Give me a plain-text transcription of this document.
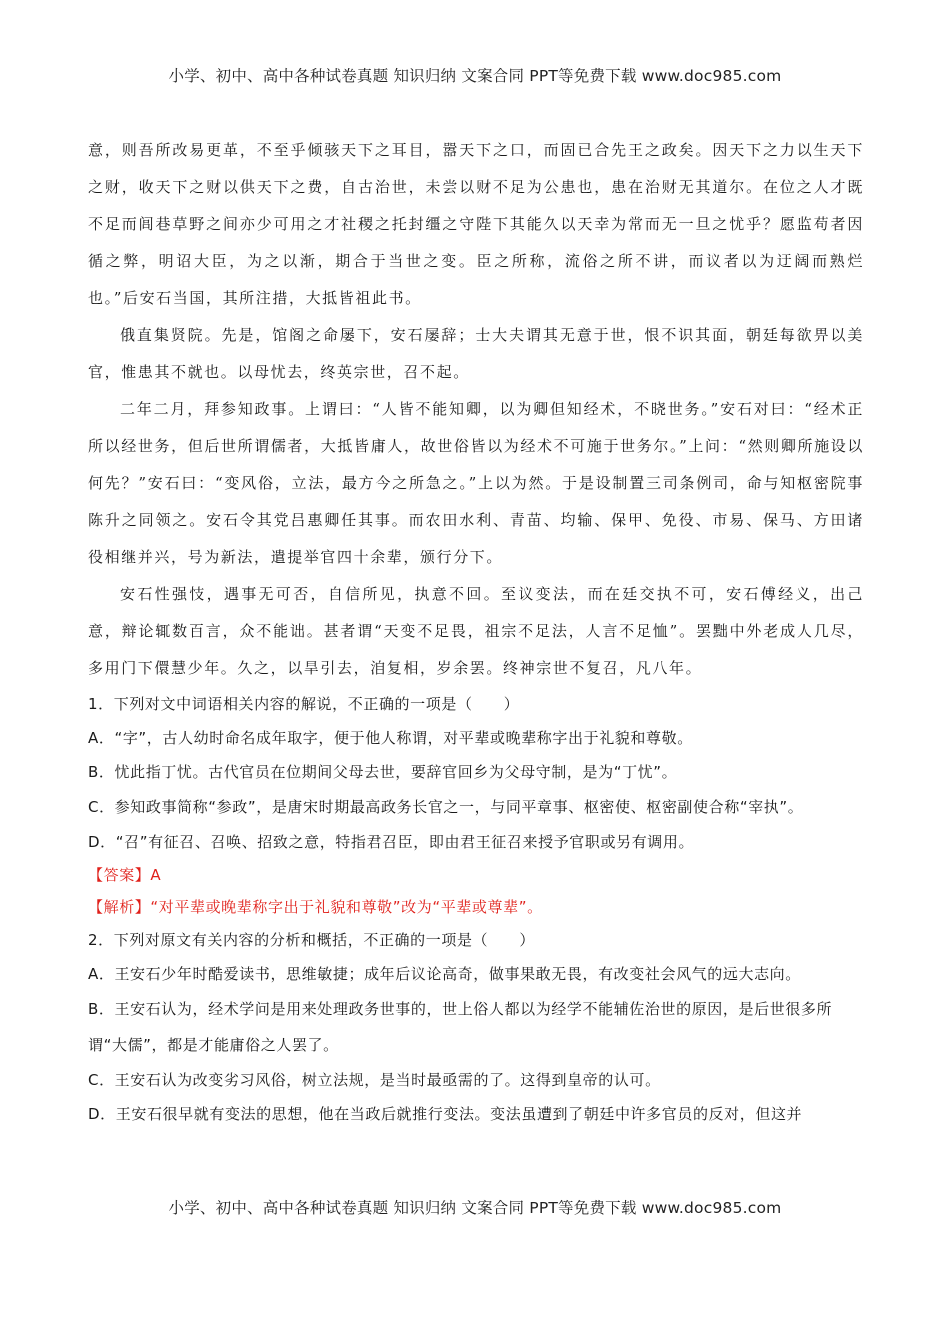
小学、初中、高中各种试卷真题 知识归纳 文案合同 PPT等免费下载 www.doc985.com

意，则吾所改易更革，不至乎倾骇天下之耳目，嚣天下之口，而固已合先王之政矣。因天下之力以生天下之财，收天下之财以供天下之费，自古治世，未尝以财不足为公患也，患在治财无其道尔。在位之人才既不足而闾巷草野之间亦少可用之才社稷之托封缰之守陛下其能久以天幸为常而无一旦之忧乎？愿监苟者因循之弊，明诏大臣，为之以渐，期合于当世之变。臣之所称，流俗之所不讲，而议者以为迂阔而熟烂也。”后安石当国，其所注措，大抵皆祖此书。

俄直集贤院。先是，馆阁之命屡下，安石屡辞；士大夫谓其无意于世，恨不识其面，朝廷每欲畀以美官，惟患其不就也。以母忧去，终英宗世，召不起。

二年二月，拜参知政事。上谓曰：“人皆不能知卿，以为卿但知经术，不晓世务。”安石对曰：“经术正所以经世务，但后世所谓儒者，大抵皆庸人，故世俗皆以为经术不可施于世务尔。”上问：“然则卿所施设以何先？”安石曰：“变风俗，立法，最方今之所急之。”上以为然。于是设制置三司条例司，命与知枢密院事陈升之同领之。安石令其党吕惠卿任其事。而农田水利、青苗、均输、保甲、免役、市易、保马、方田诸役相继并兴，号为新法，遣提举官四十余辈，颁行分下。

安石性强忮，遇事无可否，自信所见，执意不回。至议变法，而在廷交执不可，安石傅经义，出己意，辩论辄数百言，众不能诎。甚者谓“天变不足畏，祖宗不足法，人言不足恤”。罢黜中外老成人几尽，多用门下儇慧少年。久之，以旱引去，洎复相，岁余罢。终神宗世不复召，凡八年。

1．下列对文中词语相关内容的解说，不正确的一项是（　　）

A．“字”，古人幼时命名成年取字，便于他人称谓，对平辈或晚辈称字出于礼貌和尊敬。

B．忧此指丁忧。古代官员在位期间父母去世，要辞官回乡为父母守制，是为“丁忧”。

C．参知政事简称“参政”，是唐宋时期最高政务长官之一，与同平章事、枢密使、枢密副使合称“宰执”。

D．“召”有征召、召唤、招致之意，特指君召臣，即由君王征召来授予官职或另有调用。

【答案】A

【解析】“对平辈或晚辈称字出于礼貌和尊敬”改为“平辈或尊辈”。

2．下列对原文有关内容的分析和概括，不正确的一项是（　　）

A．王安石少年时酷爱读书，思维敏捷；成年后议论高奇，做事果敢无畏，有改变社会风气的远大志向。

B．王安石认为，经术学问是用来处理政务世事的，世上俗人都以为经学不能辅佐治世的原因，是后世很多所谓“大儒”，都是才能庸俗之人罢了。

C．王安石认为改变劣习风俗，树立法规，是当时最亟需的了。这得到皇帝的认可。

D．王安石很早就有变法的思想，他在当政后就推行变法。变法虽遭到了朝廷中许多官员的反对，但这并

小学、初中、高中各种试卷真题 知识归纳 文案合同 PPT等免费下载 www.doc985.com
